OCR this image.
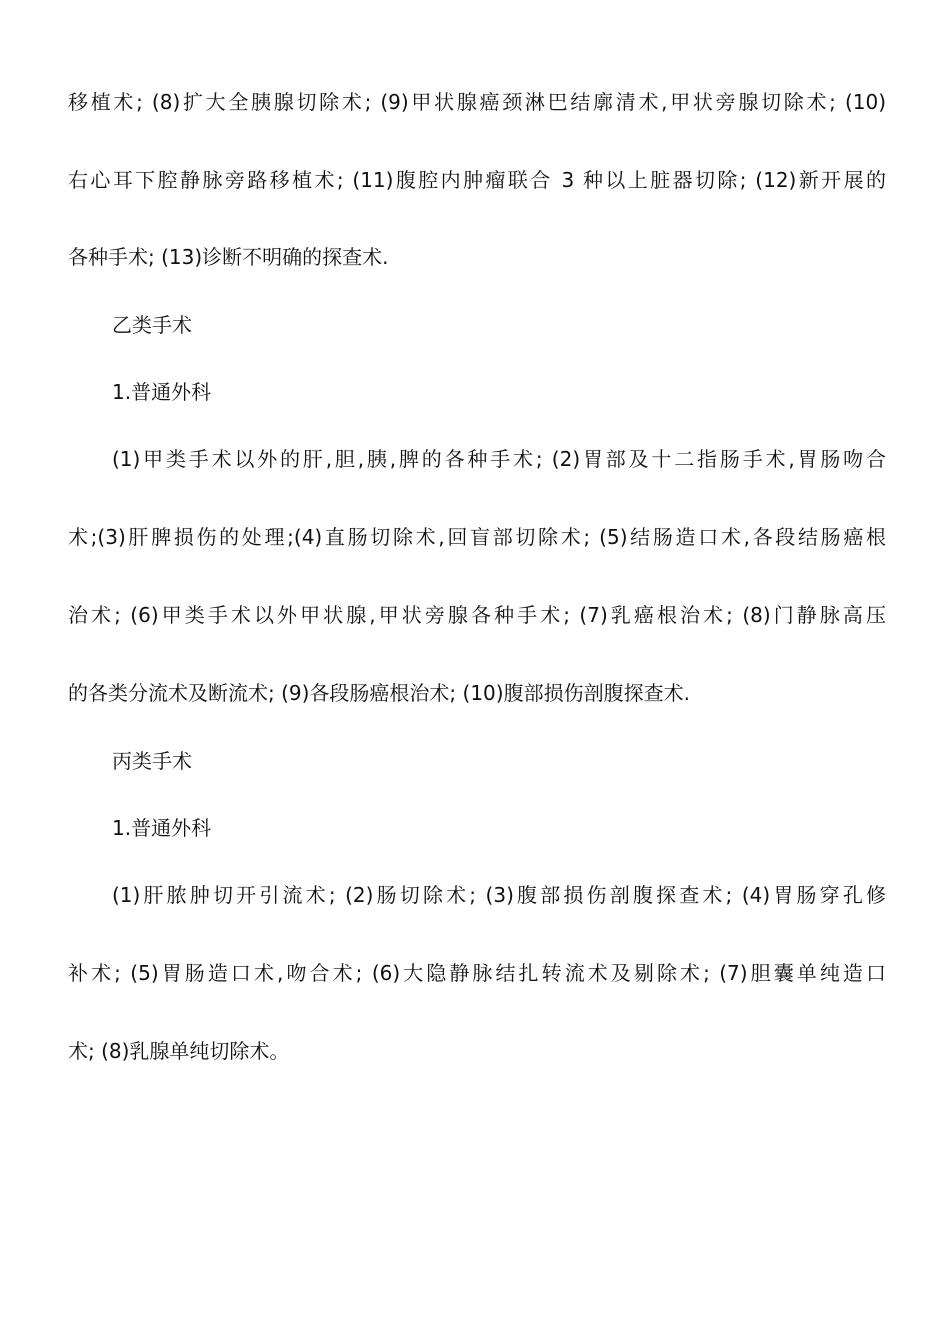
移植术; (8)扩大全胰腺切除术; (9)甲状腺癌颈淋巴结廓清术,甲状旁腺切除术; (10)
右心耳下腔静脉旁路移植术; (11)腹腔内肿瘤联合 3 种以上脏器切除; (12)新开展的
各种手术; (13)诊断不明确的探查术.
乙类手术
1.普通外科
(1)甲类手术以外的肝,胆,胰,脾的各种手术; (2)胃部及十二指肠手术,胃肠吻合
术;(3)肝脾损伤的处理;(4)直肠切除术,回盲部切除术; (5)结肠造口术,各段结肠癌根
治术; (6)甲类手术以外甲状腺,甲状旁腺各种手术; (7)乳癌根治术; (8)门静脉高压
的各类分流术及断流术; (9)各段肠癌根治术; (10)腹部损伤剖腹探查术.
丙类手术
1.普通外科
(1)肝脓肿切开引流术; (2)肠切除术; (3)腹部损伤剖腹探查术; (4)胃肠穿孔修
补术; (5)胃肠造口术,吻合术; (6)大隐静脉结扎转流术及剔除术; (7)胆囊单纯造口
术; (8)乳腺单纯切除术。
